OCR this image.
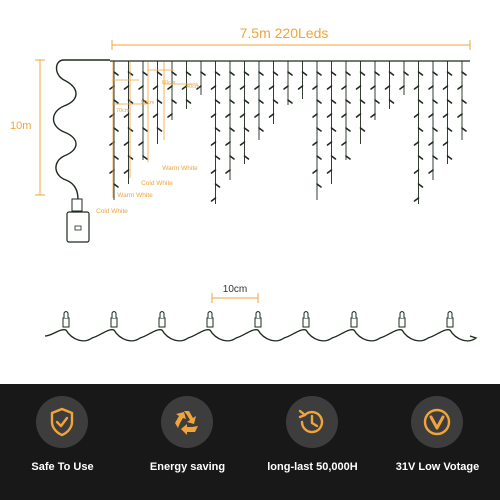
7.5m 220Leds
10m
70cm
50cm
80cm
40cm
Cold White
Warm White
Cold White
Warm White
10cm
Safe To Use	Energy saving	long-last 50,000H	31V Low Votage
